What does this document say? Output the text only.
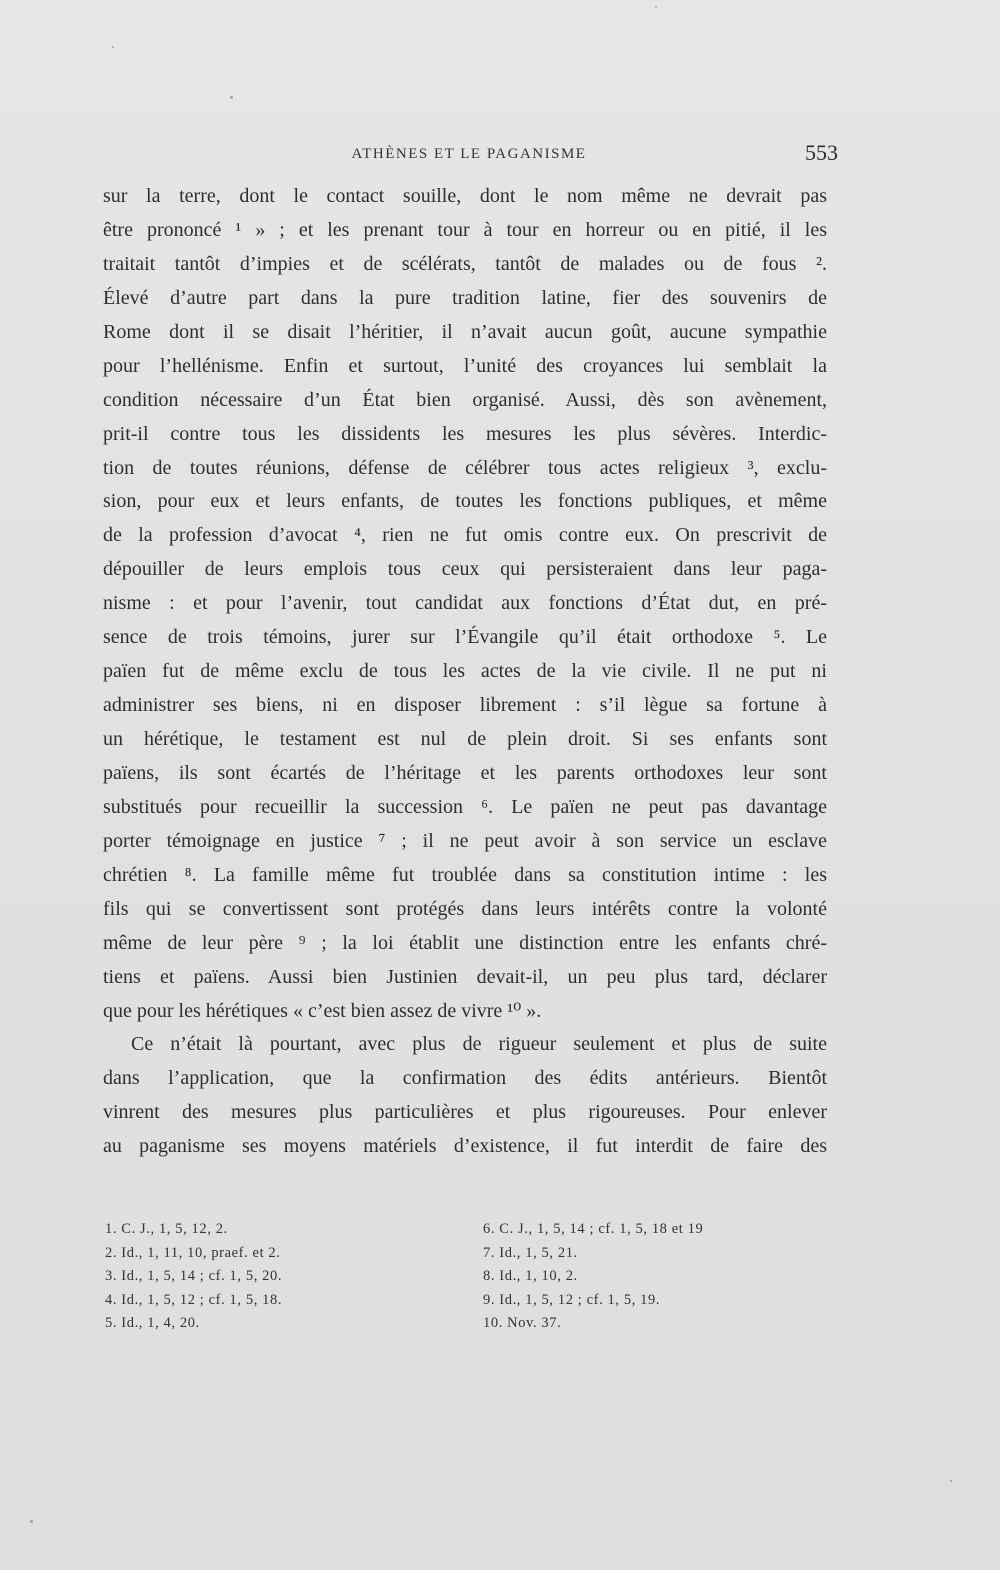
ATHÈNES ET LE PAGANISME	553
sur la terre, dont le contact souille, dont le nom même ne devrait pas
être prononcé ¹ » ; et les prenant tour à tour en horreur ou en pitié, il les
traitait tantôt d’impies et de scélérats, tantôt de malades ou de fous ².
Élevé d’autre part dans la pure tradition latine, fier des souvenirs de
Rome dont il se disait l’héritier, il n’avait aucun goût, aucune sympathie
pour l’hellénisme. Enfin et surtout, l’unité des croyances lui semblait la
condition nécessaire d’un État bien organisé. Aussi, dès son avènement,
prit-il contre tous les dissidents les mesures les plus sévères. Interdic-
tion de toutes réunions, défense de célébrer tous actes religieux ³, exclu-
sion, pour eux et leurs enfants, de toutes les fonctions publiques, et même
de la profession d’avocat ⁴, rien ne fut omis contre eux. On prescrivit de
dépouiller de leurs emplois tous ceux qui persisteraient dans leur paga-
nisme : et pour l’avenir, tout candidat aux fonctions d’État dut, en pré-
sence de trois témoins, jurer sur l’Évangile qu’il était orthodoxe ⁵. Le
païen fut de même exclu de tous les actes de la vie civile. Il ne put ni
administrer ses biens, ni en disposer librement : s’il lègue sa fortune à
un hérétique, le testament est nul de plein droit. Si ses enfants sont
païens, ils sont écartés de l’héritage et les parents orthodoxes leur sont
substitués pour recueillir la succession ⁶. Le païen ne peut pas davantage
porter témoignage en justice ⁷ ; il ne peut avoir à son service un esclave
chrétien ⁸. La famille même fut troublée dans sa constitution intime : les
fils qui se convertissent sont protégés dans leurs intérêts contre la volonté
même de leur père ⁹ ; la loi établit une distinction entre les enfants chré-
tiens et païens. Aussi bien Justinien devait-il, un peu plus tard, déclarer
que pour les hérétiques « c’est bien assez de vivre ¹⁰ ».
Ce n’était là pourtant, avec plus de rigueur seulement et plus de suite
dans l’application, que la confirmation des édits antérieurs. Bientôt
vinrent des mesures plus particulières et plus rigoureuses. Pour enlever
au paganisme ses moyens matériels d’existence, il fut interdit de faire des
1. C. J., 1, 5, 12, 2.
2. Id., 1, 11, 10, praef. et 2.
3. Id., 1, 5, 14 ; cf. 1, 5, 20.
4. Id., 1, 5, 12 ; cf. 1, 5, 18.
5. Id., 1, 4, 20.
6. C. J., 1, 5, 14 ; cf. 1, 5, 18 et 19
7. Id., 1, 5, 21.
8. Id., 1, 10, 2.
9. Id., 1, 5, 12 ; cf. 1, 5, 19.
10. Nov. 37.
